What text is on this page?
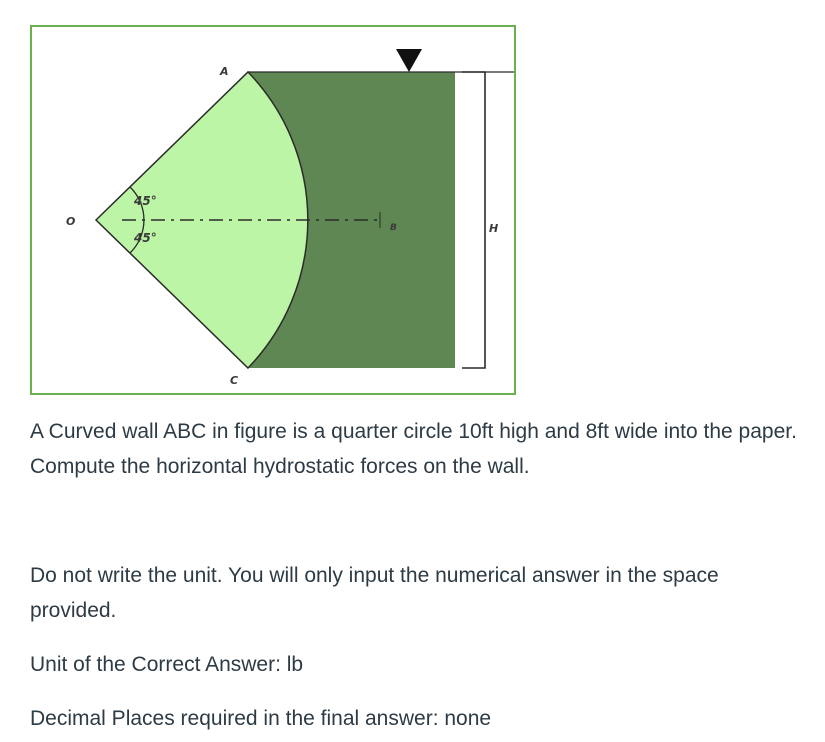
A
B
C
O
H
45°
45°

A Curved wall ABC in figure is a quarter circle 10ft high and 8ft wide into the paper. Compute the horizontal hydrostatic forces on the wall.

Do not write the unit. You will only input the numerical answer in the space provided.

Unit of the Correct Answer: lb

Decimal Places required in the final answer: none
